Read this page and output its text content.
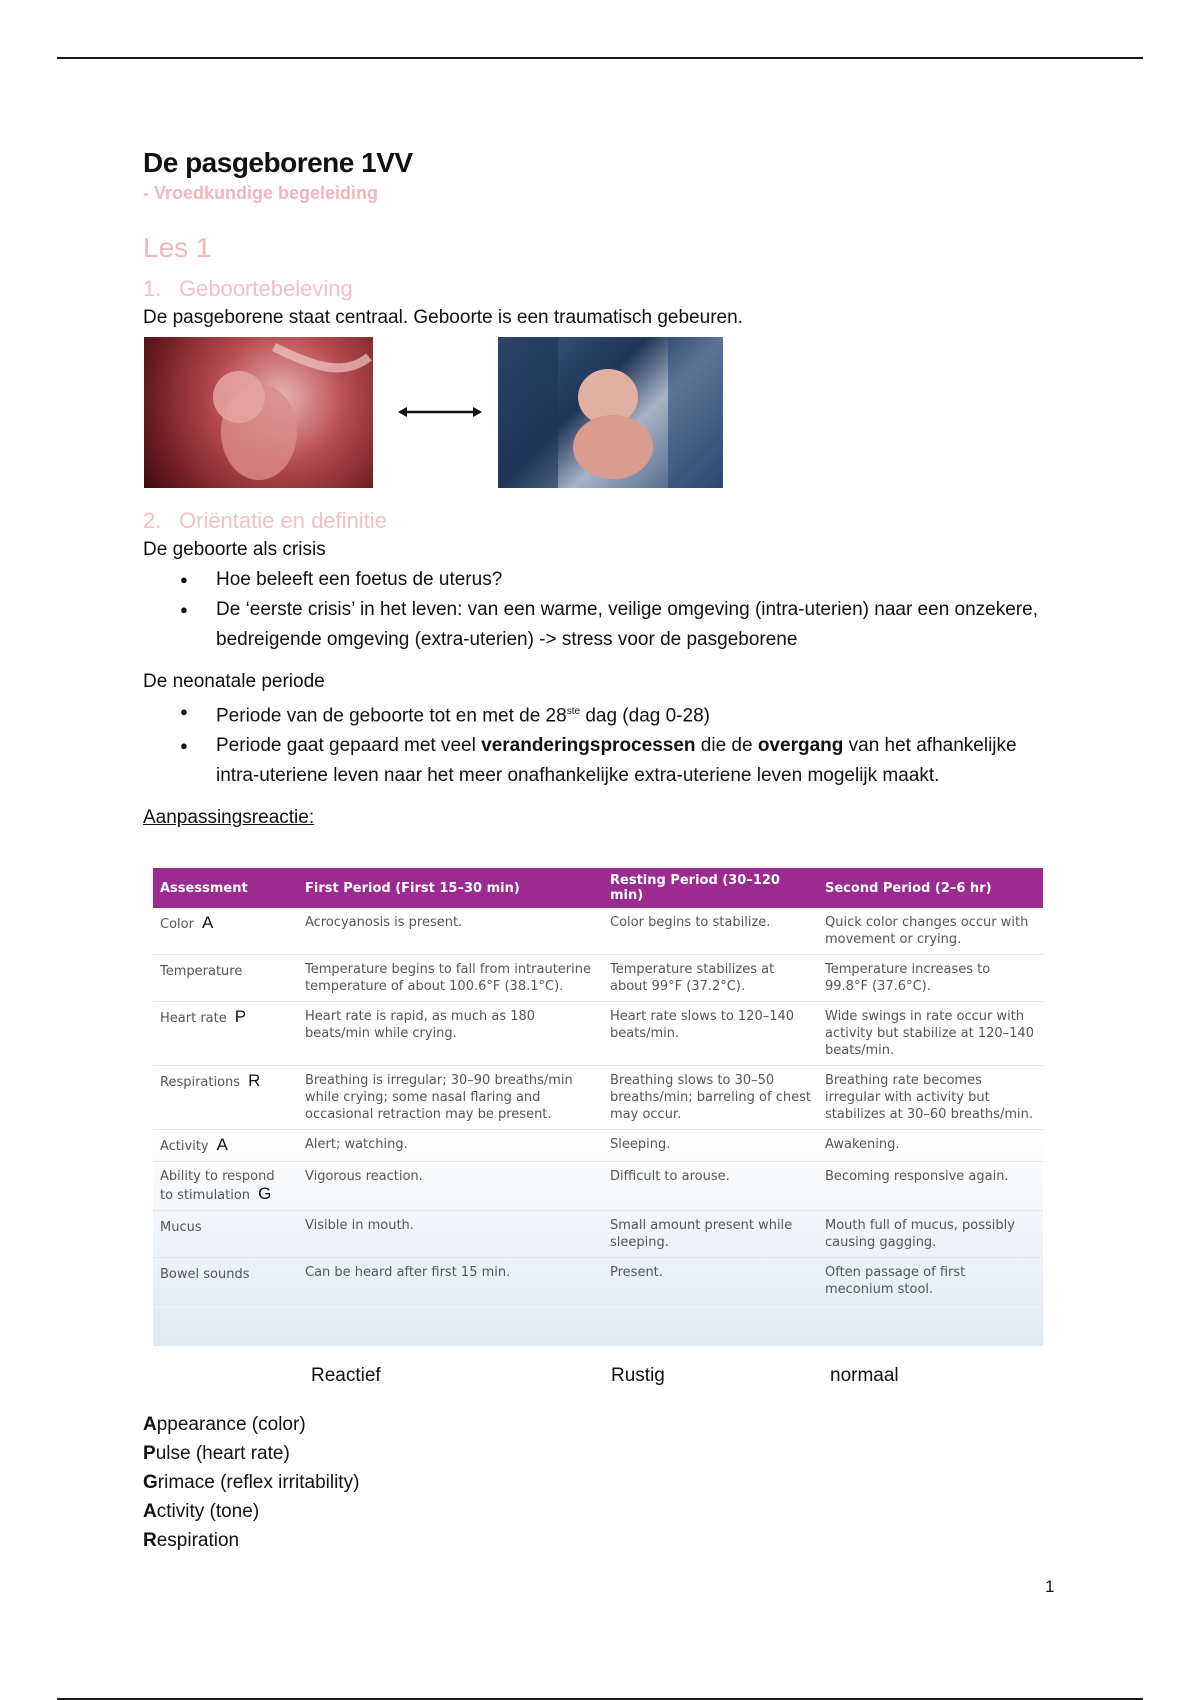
De pasgeborene 1VV

- Vroedkundige begeleiding

Les 1
1. Geboortebeleving

De pasgeborene staat centraal. Geboorte is een traumatisch gebeuren.

2. Oriëntatie en definitie

De geboorte als crisis

● Hoe beleeft een foetus de uterus?
● De ‘eerste crisis’ in het leven: van een warme, veilige omgeving (intra-uterien) naar een onzekere, bedreigende omgeving (extra-uterien) -> stress voor de pasgeborene

De neonatale periode

● Periode van de geboorte tot en met de 28ste dag (dag 0-28)
● Periode gaat gepaard met veel veranderingsprocessen die de overgang van het afhankelijke intra-uteriene leven naar het meer onafhankelijke extra-uteriene leven mogelijk maakt.

Aanpassingsreactie:

Assessment	First Period (First 15–30 min)	Resting Period (30–120 min)	Second Period (2–6 hr)
Color A	Acrocyanosis is present.	Color begins to stabilize.	Quick color changes occur with movement or crying.
Temperature	Temperature begins to fall from intrauterine temperature of about 100.6°F (38.1°C).	Temperature stabilizes at about 99°F (37.2°C).	Temperature increases to 99.8°F (37.6°C).
Heart rate P	Heart rate is rapid, as much as 180 beats/min while crying.	Heart rate slows to 120–140 beats/min.	Wide swings in rate occur with activity but stabilize at 120–140 beats/min.
Respirations R	Breathing is irregular; 30–90 breaths/min while crying; some nasal flaring and occasional retraction may be present.	Breathing slows to 30–50 breaths/min; barreling of chest may occur.	Breathing rate becomes irregular with activity but stabilizes at 30–60 breaths/min.
Activity A	Alert; watching.	Sleeping.	Awakening.
Ability to respond to stimulation G	Vigorous reaction.	Difficult to arouse.	Becoming responsive again.
Mucus	Visible in mouth.	Small amount present while sleeping.	Mouth full of mucus, possibly causing gagging.
Bowel sounds	Can be heard after first 15 min.	Present.	Often passage of first meconium stool.
Reactief	Rustig	normaal
Appearance (color)
Pulse (heart rate)
Grimace (reflex irritability)
Activity (tone)
Respiration
1
